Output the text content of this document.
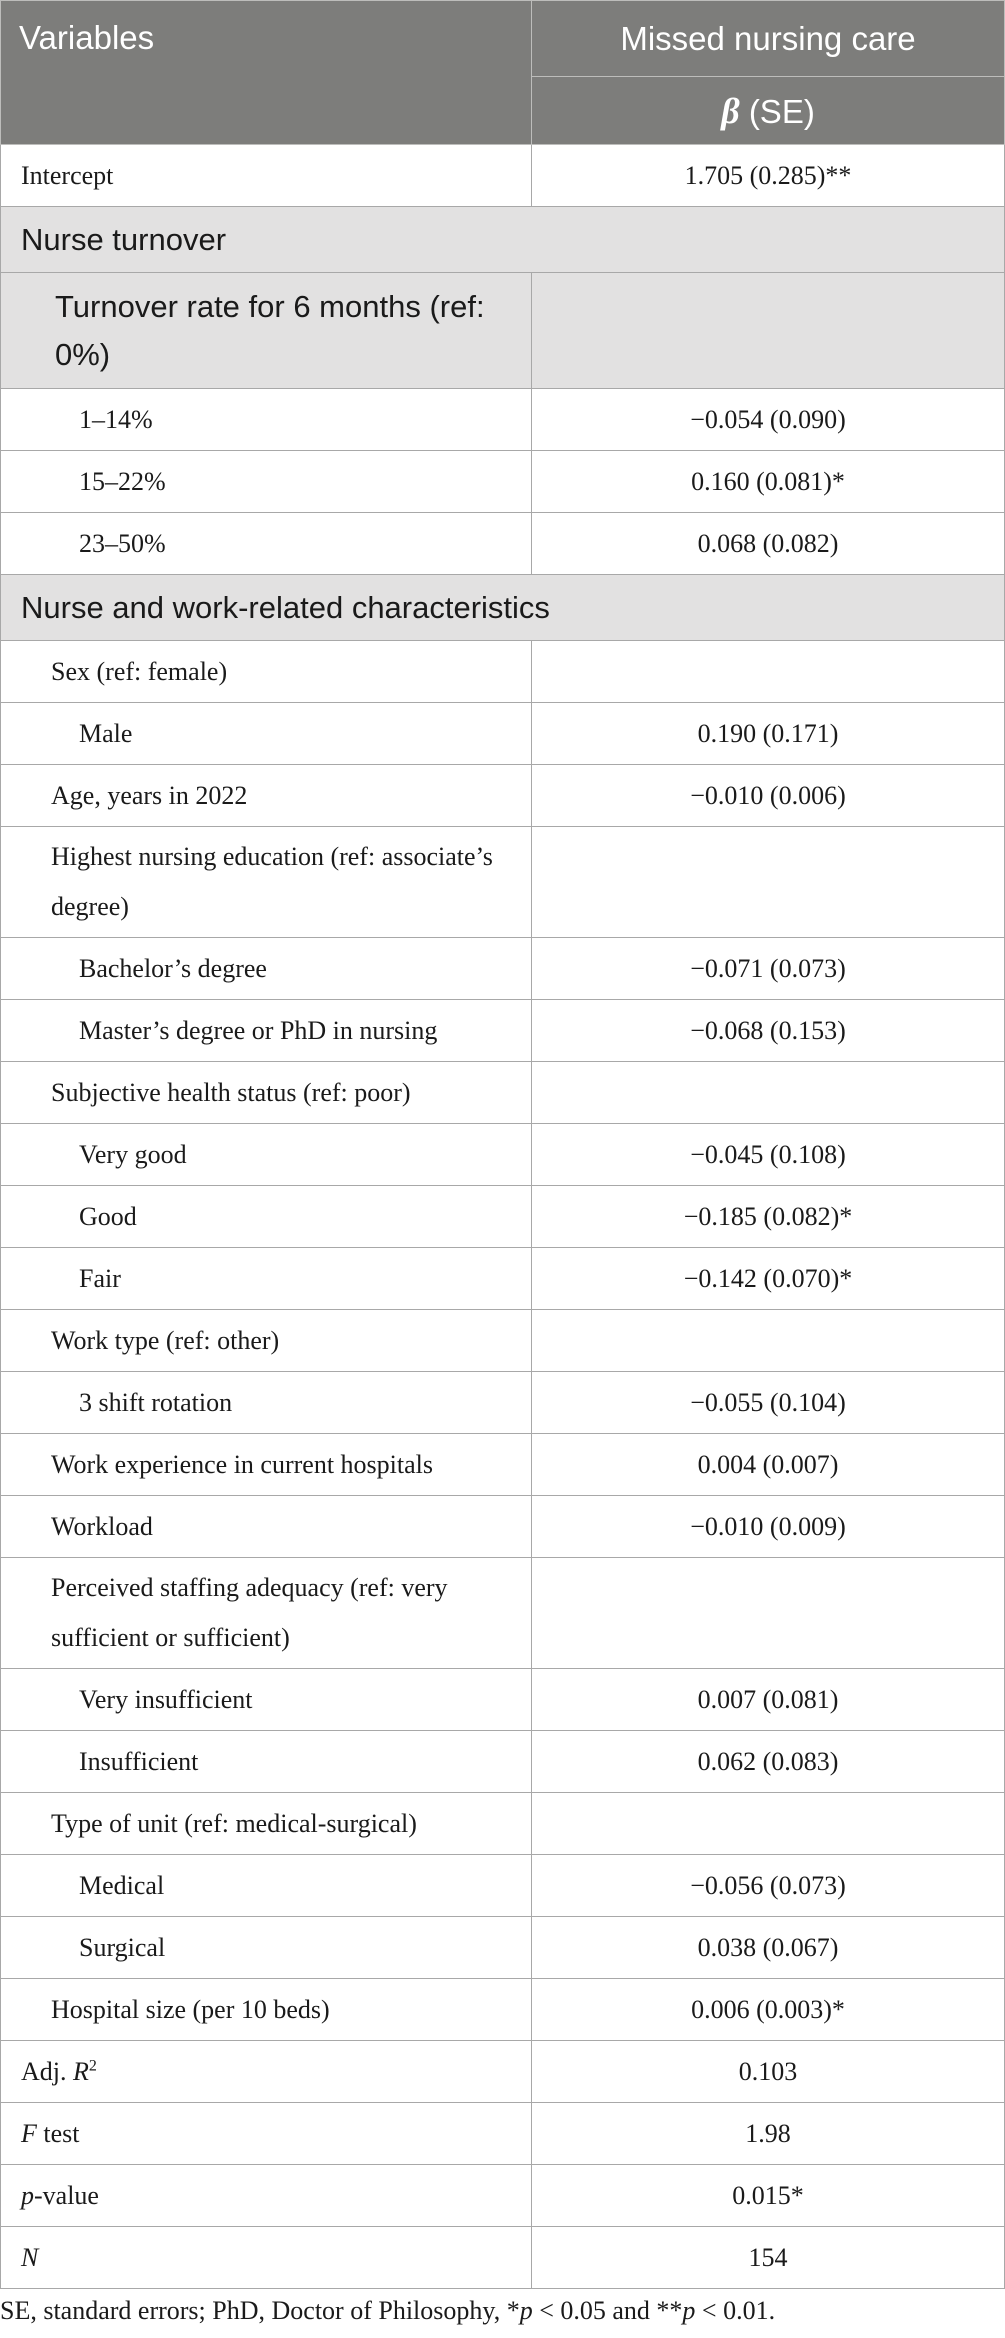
Variables	Missed nursing care
	β (SE)
Intercept	1.705 (0.285)**
Nurse turnover	
Turnover rate for 6 months (ref: 0%)	
1–14%	−0.054 (0.090)
15–22%	0.160 (0.081)*
23–50%	0.068 (0.082)
Nurse and work-related characteristics	
Sex (ref: female)	
Male	0.190 (0.171)
Age, years in 2022	−0.010 (0.006)
Highest nursing education (ref: associate’s degree)	
Bachelor’s degree	−0.071 (0.073)
Master’s degree or PhD in nursing	−0.068 (0.153)
Subjective health status (ref: poor)	
Very good	−0.045 (0.108)
Good	−0.185 (0.082)*
Fair	−0.142 (0.070)*
Work type (ref: other)	
3 shift rotation	−0.055 (0.104)
Work experience in current hospitals	0.004 (0.007)
Workload	−0.010 (0.009)
Perceived staffing adequacy (ref: very sufficient or sufficient)	
Very insufficient	0.007 (0.081)
Insufficient	0.062 (0.083)
Type of unit (ref: medical-surgical)	
Medical	−0.056 (0.073)
Surgical	0.038 (0.067)
Hospital size (per 10 beds)	0.006 (0.003)*
Adj. $R^2$	0.103
F test	1.98
p-value	0.015*
N	154
SE, standard errors; PhD, Doctor of Philosophy, *p < 0.05 and **p < 0.01.
